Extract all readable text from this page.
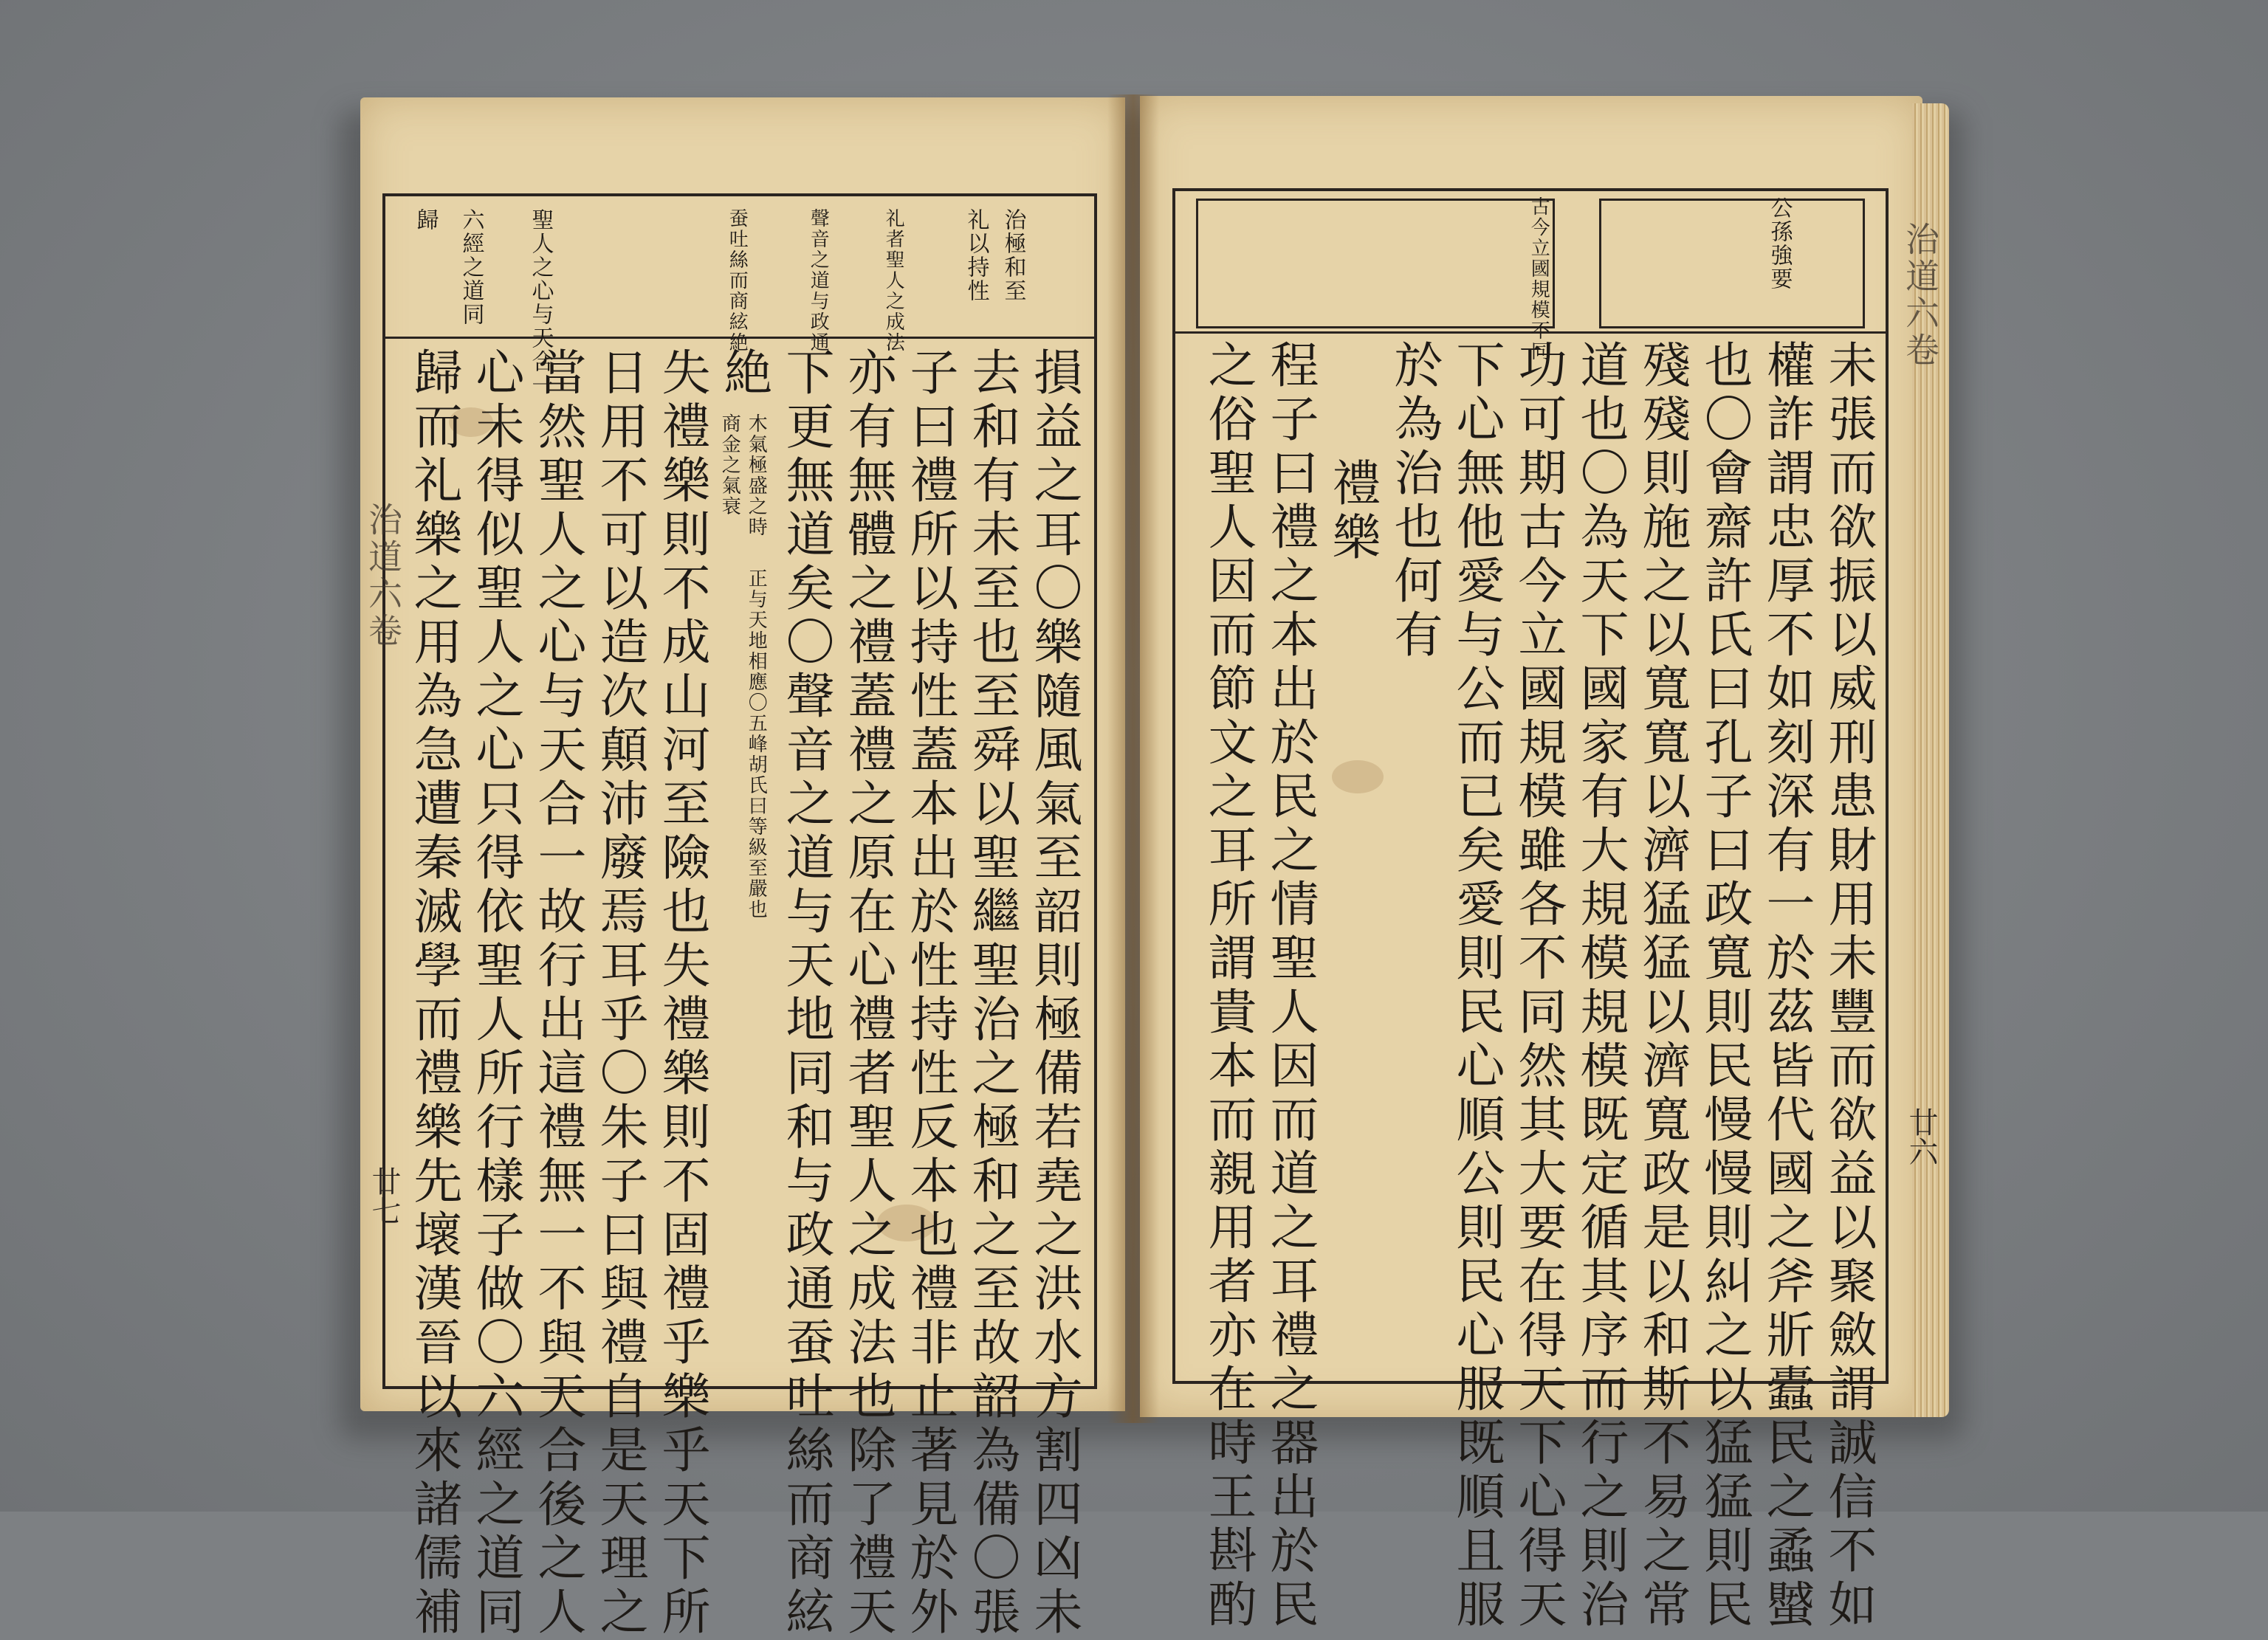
治極和至
礼以持性
礼者聖人之成法
聲音之道与政通
蚕吐絲而商絃絶
聖人之心与天合一
六經之道同
歸
損益之耳〇樂隨風氣至韶則極備若堯之洪水方割四凶未
去和有未至也至舜以聖繼聖治之極和之至故韶為備〇張
子曰禮所以持性蓋本出於性持性反本也禮非止著見於外
亦有無體之禮蓋禮之原在心禮者聖人之成法也除了禮天
下更無道矣〇聲音之道与天地同和与政通蚕吐絲而商絃
絶
木氣極盛之時
商金之氣衰
正与天地相應〇五峰胡氏曰等級至嚴也
失禮樂則不成山河至險也失禮樂則不固禮乎樂乎天下所
日用不可以造次顛沛廢焉耳乎〇朱子曰與禮自是天理之
當然聖人之心与天合一故行出這禮無一不與天合後之人
心未得似聖人之心只得依聖人所行樣子做〇六經之道同
歸而礼樂之用為急遭秦滅學而禮樂先壞漢晉以來諸儒補
治道六卷
廿七
公孫強要
古今立國規模不同
未張而欲振以威刑患財用未豐而欲益以聚斂謂誠信不如
權詐謂忠厚不如刻深有一於茲皆代國之斧斨蠹民之蟊蠈
也〇會齋許氏曰孔子曰政寬則民慢慢則糾之以猛猛則民
殘殘則施之以寬寬以濟猛猛以濟寬政是以和斯不易之常
道也〇為天下國家有大規模規模既定循其序而行之則治
功可期古今立國規模雖各不同然其大要在得天下心得天
下心無他愛与公而已矣愛則民心順公則民心服既順且服
於為治也何有
禮樂
程子曰禮之本出於民之情聖人因而道之耳禮之器出於民
之俗聖人因而節文之耳所謂貴本而親用者亦在時王斟酌
治道六卷
廿六
